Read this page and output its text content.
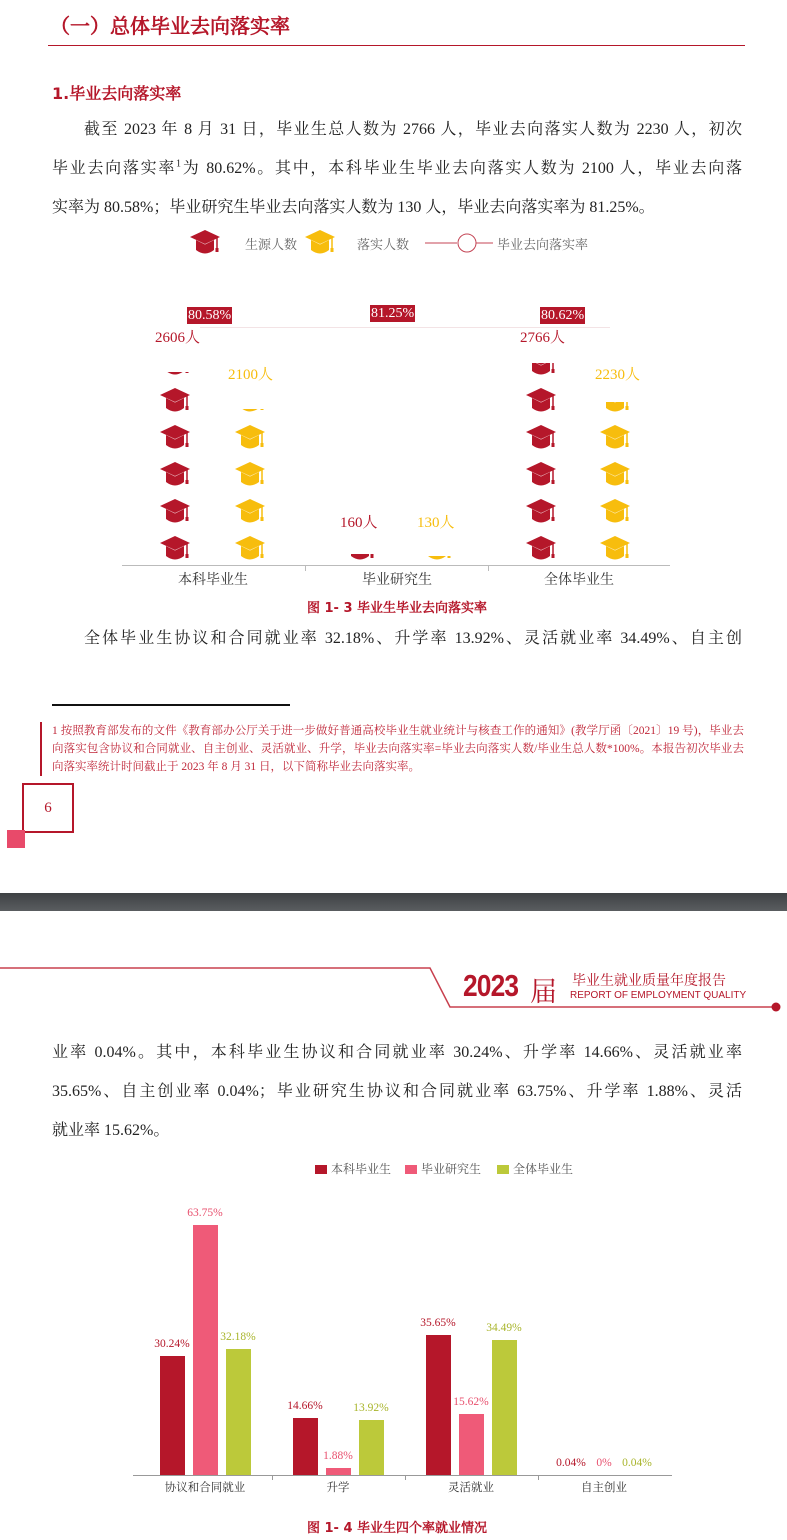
（一）总体毕业去向落实率
1.毕业去向落实率
截至 2023 年 8 月 31 日，毕业生总人数为 2766 人，毕业去向落实人数为 2230 人，初次
毕业去向落实率$^1$为 80.62%。其中，本科毕业生毕业去向落实人数为 2100 人，毕业去向落
实率为 80.58%；毕业研究生毕业去向落实人数为 130 人，毕业去向落实率为 81.25%。
生源人数	落实人数	毕业去向落实率
2606人
2100人
80.58%
160人	130人
81.25%
2766人
2230人
80.62%
本科毕业生	毕业研究生	全体毕业生
图 1- 3 毕业生毕业去向落实率
全体毕业生协议和合同就业率 32.18%、升学率 13.92%、灵活就业率 34.49%、自主创
1 按照教育部发布的文件《教育部办公厅关于进一步做好普通高校毕业生就业统计与核查工作的通知》(教学厅函〔2021〕19 号)，毕业去向落实包含协议和合同就业、自主创业、灵活就业、升学，毕业去向落实率=毕业去向落实人数/毕业生总人数*100%。本报告初次毕业去向落实率统计时间截止于 2023 年 8 月 31 日，以下简称毕业去向落实率。
6
2023 届 毕业生就业质量年度报告
REPORT OF EMPLOYMENT QUALITY
业率 0.04%。其中，本科毕业生协议和合同就业率 30.24%、升学率 14.66%、灵活就业率
35.65%、自主创业率 0.04%；毕业研究生协议和合同就业率 63.75%、升学率 1.88%、灵活
就业率 15.62%。
本科毕业生	毕业研究生	全体毕业生
30.24%
63.75%
32.18%
协议和合同就业
14.66%
1.88%
13.92%
升学
35.65%
15.62%
34.49%
灵活就业
0.04% 0% 0.04%
自主创业
图 1- 4 毕业生四个率就业情况
